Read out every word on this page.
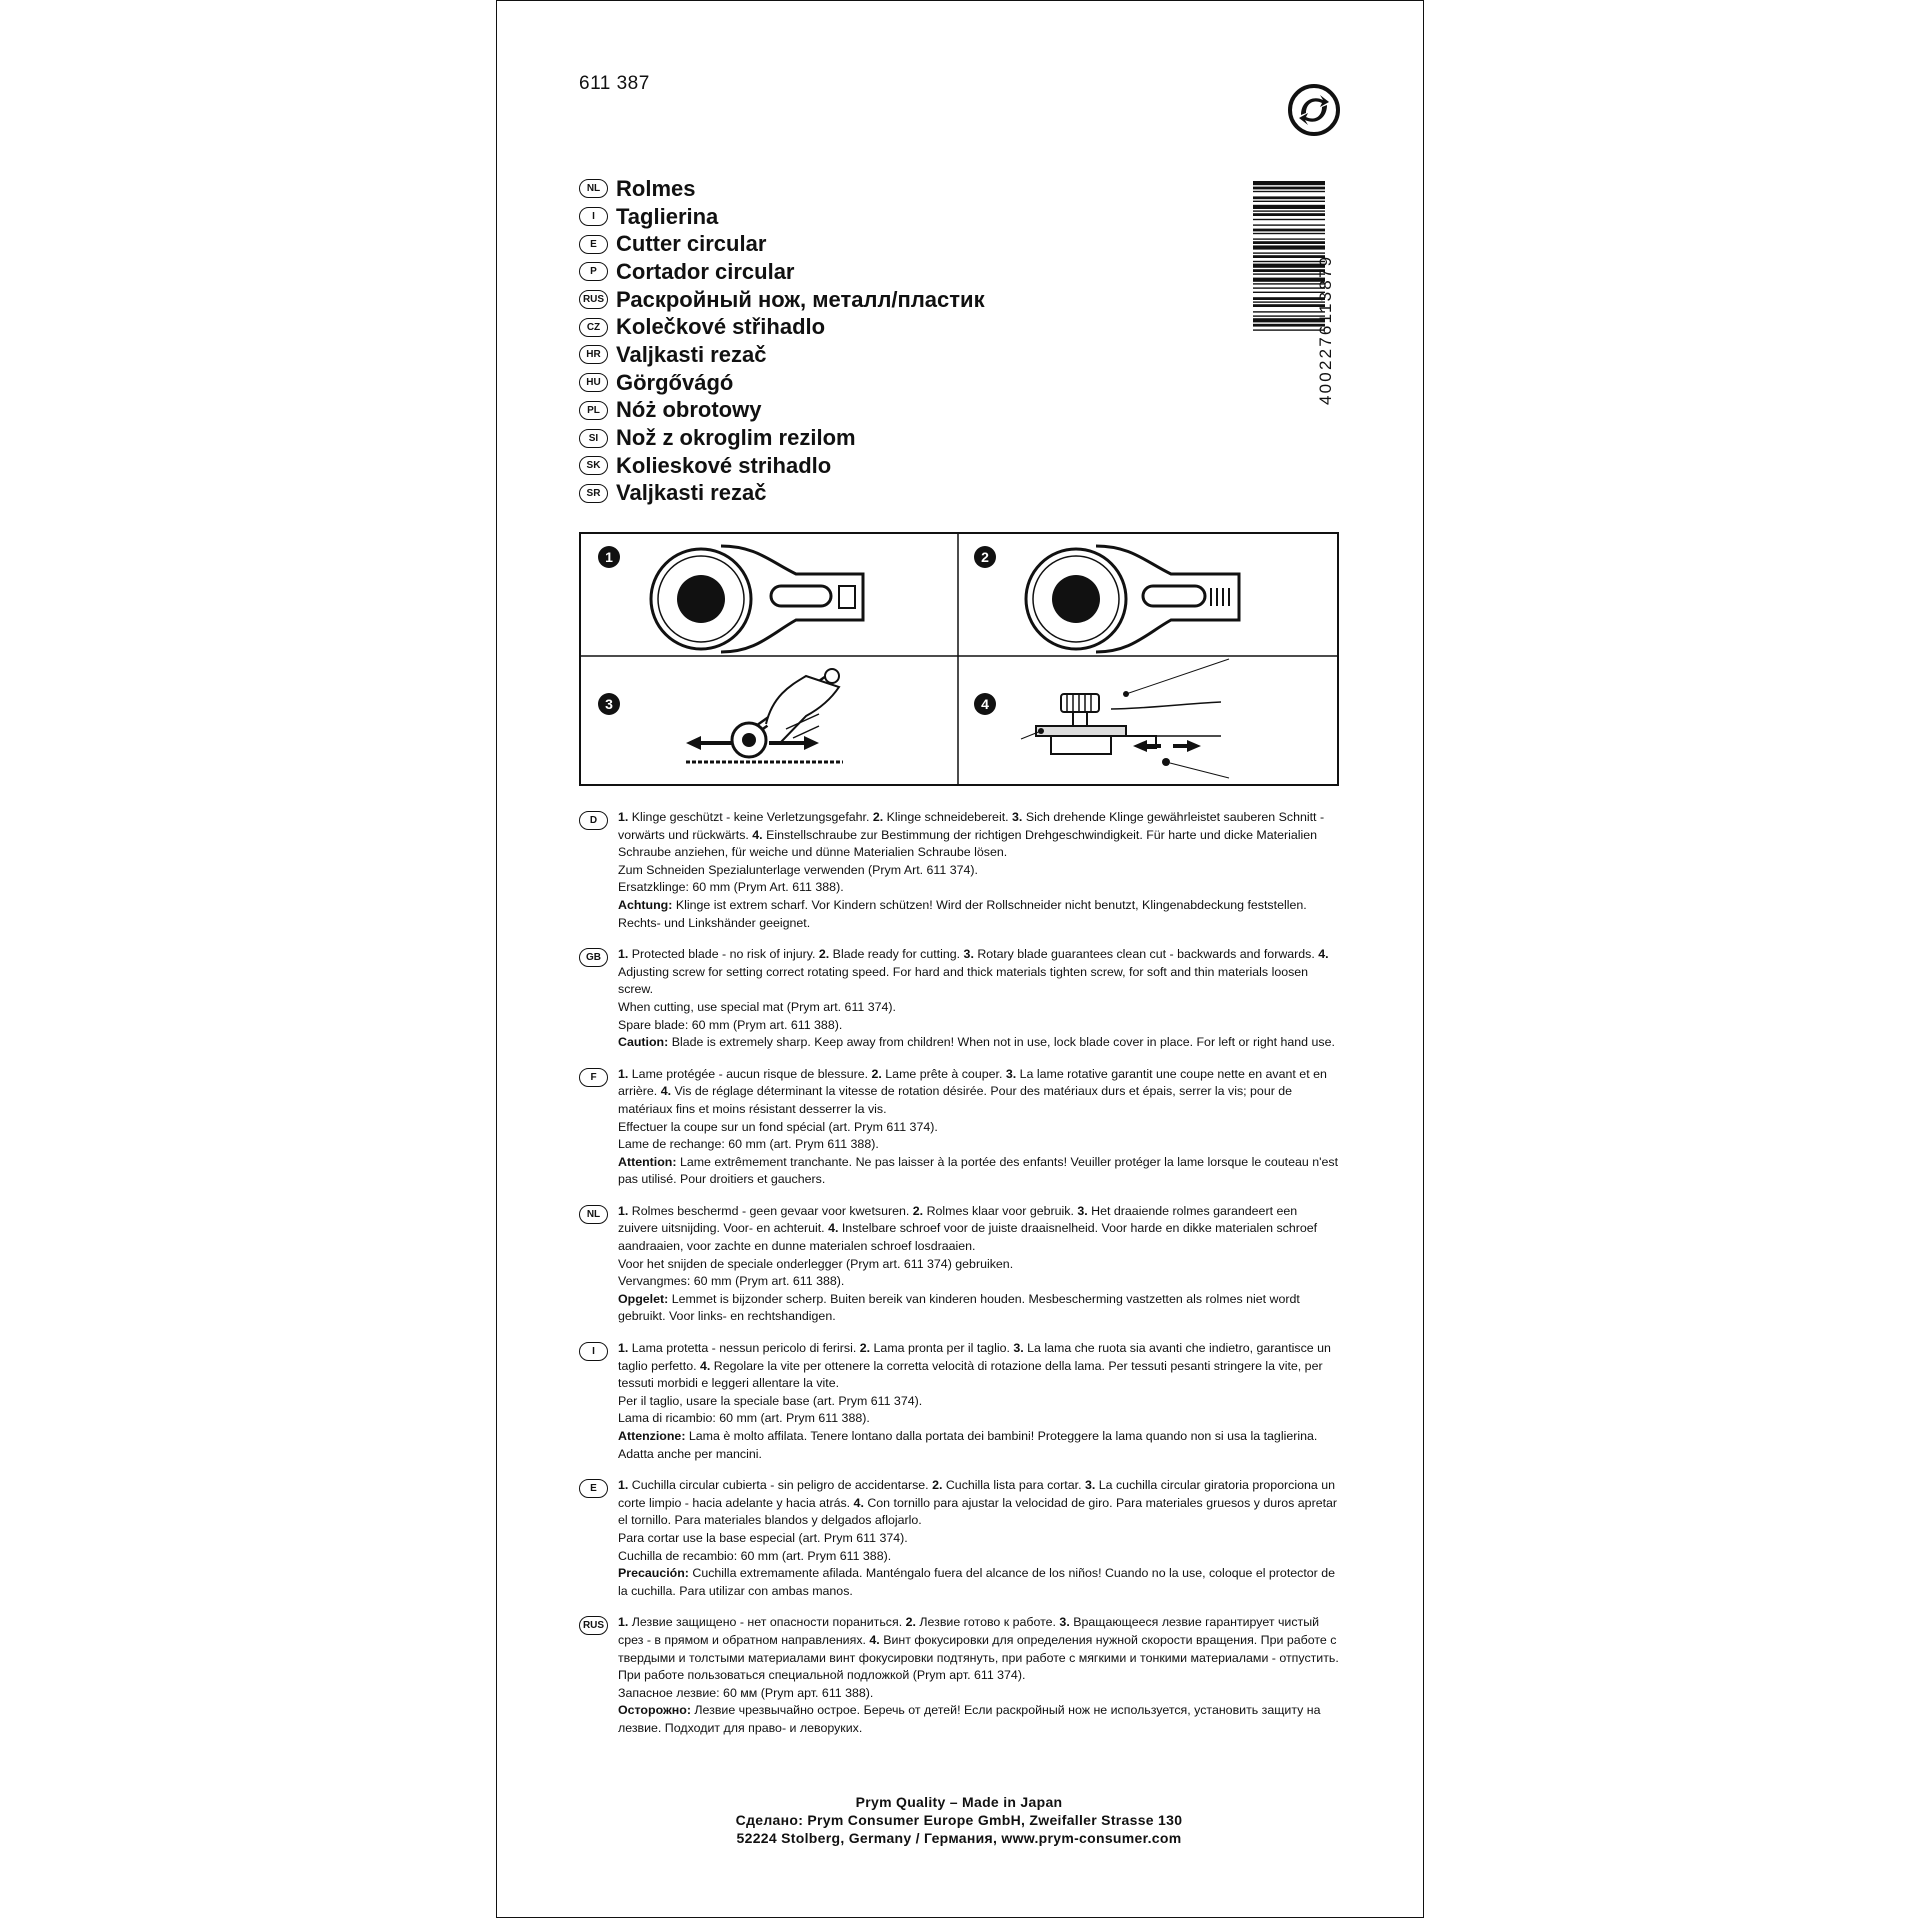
611 387
NL Rolmes
I Taglierina
E Cutter circular
P Cortador circular
RUS Раскройный нож, металл/пластик
CZ Kolečkové střihadlo
HR Valjkasti rezač
HU Görgővágó
PL Nóż obrotowy
SI Nož z okroglim rezilom
SK Kolieskové strihadlo
SR Valjkasti rezač
4002276113879
1	2
3	4
D	1. Klinge geschützt - keine Verletzungsgefahr. 2. Klinge schneidebereit. 3. Sich drehende Klinge gewährleistet sauberen Schnitt - vorwärts und rückwärts. 4. Einstellschraube zur Bestimmung der richtigen Drehgeschwindigkeit. Für harte und dicke Materialien Schraube anziehen, für weiche und dünne Materialien Schraube lösen.

Zum Schneiden Spezialunterlage verwenden (Prym Art. 611 374).

Ersatzklinge: 60 mm (Prym Art. 611 388).

Achtung: Klinge ist extrem scharf. Vor Kindern schützen! Wird der Rollschneider nicht benutzt, Klingenabdeckung feststellen. Rechts- und Linkshänder geeignet.

GB	1. Protected blade - no risk of injury. 2. Blade ready for cutting. 3. Rotary blade guarantees clean cut - backwards and forwards. 4. Adjusting screw for setting correct rotating speed. For hard and thick materials tighten screw, for soft and thin materials loosen screw.

When cutting, use special mat (Prym art. 611 374).

Spare blade: 60 mm (Prym art. 611 388).

Caution: Blade is extremely sharp. Keep away from children! When not in use, lock blade cover in place. For left or right hand use.

F	1. Lame protégée - aucun risque de blessure. 2. Lame prête à couper. 3. La lame rotative garantit une coupe nette en avant et en arrière. 4. Vis de réglage déterminant la vitesse de rotation désirée. Pour des matériaux durs et épais, serrer la vis; pour de matériaux fins et moins résistant desserrer la vis.

Effectuer la coupe sur un fond spécial (art. Prym 611 374).

Lame de rechange: 60 mm (art. Prym 611 388).

Attention: Lame extrêmement tranchante. Ne pas laisser à la portée des enfants! Veuiller protéger la lame lorsque le couteau n'est pas utilisé. Pour droitiers et gauchers.

NL	1. Rolmes beschermd - geen gevaar voor kwetsuren. 2. Rolmes klaar voor gebruik. 3. Het draaiende rolmes garandeert een zuivere uitsnijding. Voor- en achteruit. 4. Instelbare schroef voor de juiste draaisnelheid. Voor harde en dikke materialen schroef aandraaien, voor zachte en dunne materialen schroef losdraaien.

Voor het snijden de speciale onderlegger (Prym art. 611 374) gebruiken.

Vervangmes: 60 mm (Prym art. 611 388).

Opgelet: Lemmet is bijzonder scherp. Buiten bereik van kinderen houden. Mesbescherming vastzetten als rolmes niet wordt gebruikt. Voor links- en rechtshandigen.

I	1. Lama protetta - nessun pericolo di ferirsi. 2. Lama pronta per il taglio. 3. La lama che ruota sia avanti che indietro, garantisce un taglio perfetto. 4. Regolare la vite per ottenere la corretta velocità di rotazione della lama. Per tessuti pesanti stringere la vite, per tessuti morbidi e leggeri allentare la vite.

Per il taglio, usare la speciale base (art. Prym 611 374).

Lama di ricambio: 60 mm (art. Prym 611 388).

Attenzione: Lama è molto affilata. Tenere lontano dalla portata dei bambini! Proteggere la lama quando non si usa la taglierina. Adatta anche per mancini.

E	1. Cuchilla circular cubierta - sin peligro de accidentarse. 2. Cuchilla lista para cortar. 3. La cuchilla circular giratoria proporciona un corte limpio - hacia adelante y hacia atrás. 4. Con tornillo para ajustar la velocidad de giro. Para materiales gruesos y duros apretar el tornillo. Para materiales blandos y delgados aflojarlo.

Para cortar use la base especial (art. Prym 611 374).

Cuchilla de recambio: 60 mm (art. Prym 611 388).

Precaución: Cuchilla extremamente afilada. Manténgalo fuera del alcance de los niños! Cuando no la use, coloque el protector de la cuchilla. Para utilizar con ambas manos.

RUS	1. Лезвие защищено - нет опасности пораниться. 2. Лезвие готово к работе. 3. Вращающееся лезвие гарантирует чистый срез - в прямом и обратном направлениях. 4. Винт фокусировки для определения нужной скорости вращения. При работе с твердыми и толстыми материалами винт фокусировки подтянуть, при работе с мягкими и тонкими материалами - отпустить.

При работе пользоваться специальной подложкой (Prym арт. 611 374).

Запасное лезвие: 60 мм (Prym арт. 611 388).

Осторожно: Лезвие чрезвычайно острое. Беречь от детей! Если раскройный нож не используется, установить защиту на лезвие. Подходит для право- и леворуких.

Prym Quality – Made in Japan

Сделано: Prym Consumer Europe GmbH, Zweifaller Strasse 130

52224 Stolberg, Germany / Германия, www.prym-consumer.com
